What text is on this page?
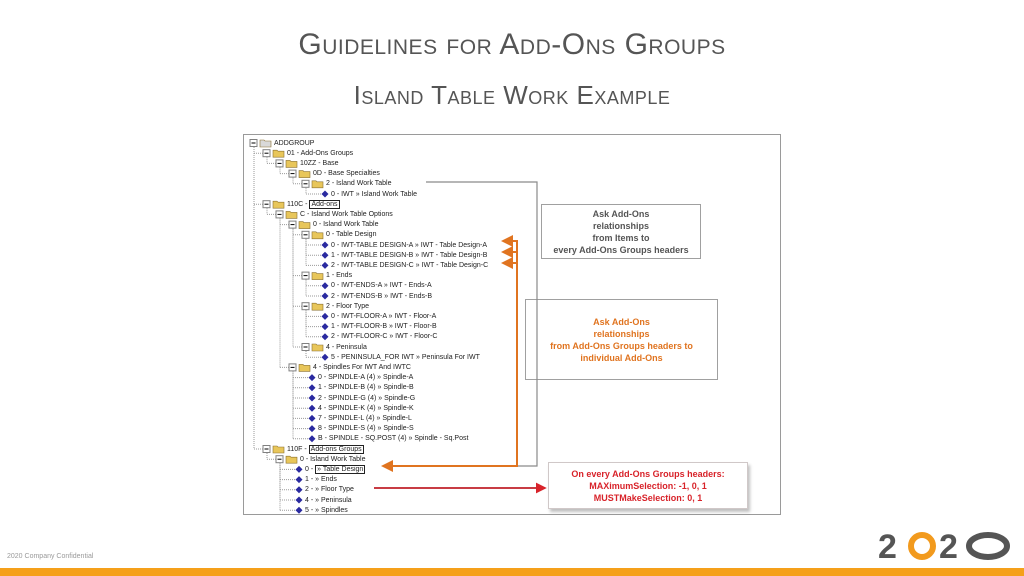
Guidelines for Add-Ons Groups
Island Table Work Example
ADDGROUP
01 - Add-Ons Groups
10ZZ - Base
0D - Base Specialties
2 - Island Work Table
0 - IWT » Island Work Table
110C - Add-ons
C - Island Work Table Options
0 - Island Work Table
0 - Table Design
0 - IWT-TABLE DESIGN-A » IWT - Table Design-A
1 - IWT-TABLE DESIGN-B » IWT - Table Design-B
2 - IWT-TABLE DESIGN-C » IWT - Table Design-C
1 - Ends
0 - IWT-ENDS-A » IWT - Ends-A
2 - IWT-ENDS-B » IWT - Ends-B
2 - Floor Type
0 - IWT-FLOOR-A » IWT - Floor-A
1 - IWT-FLOOR-B » IWT - Floor-B
2 - IWT-FLOOR-C » IWT - Floor-C
4 - Peninsula
5 - PENINSULA_FOR IWT » Peninsula For IWT
4 - Spindles For IWT And IWTC
0 - SPINDLE-A (4) » Spindle-A
1 - SPINDLE-B (4) » Spindle-B
2 - SPINDLE-G (4) » Spindle-G
4 - SPINDLE-K (4) » Spindle-K
7 - SPINDLE-L (4) » Spindle-L
8 - SPINDLE-S (4) » Spindle-S
B - SPINDLE - SQ.POST (4) » Spindle - Sq.Post
110F - Add-ons Groups
0 - Island Work Table
0 - » Table Design
1 - » Ends
2 - » Floor Type
4 - » Peninsula
5 - » Spindles
Ask Add-Ons
relationships
from Items to
every Add-Ons Groups headers
Ask Add-Ons
relationships
from Add-Ons Groups headers to
individual Add-Ons
On every Add-Ons Groups headers:
MAXimumSelection: -1, 0, 1
MUSTMakeSelection: 0, 1
2020 Company Confidential	2 2
